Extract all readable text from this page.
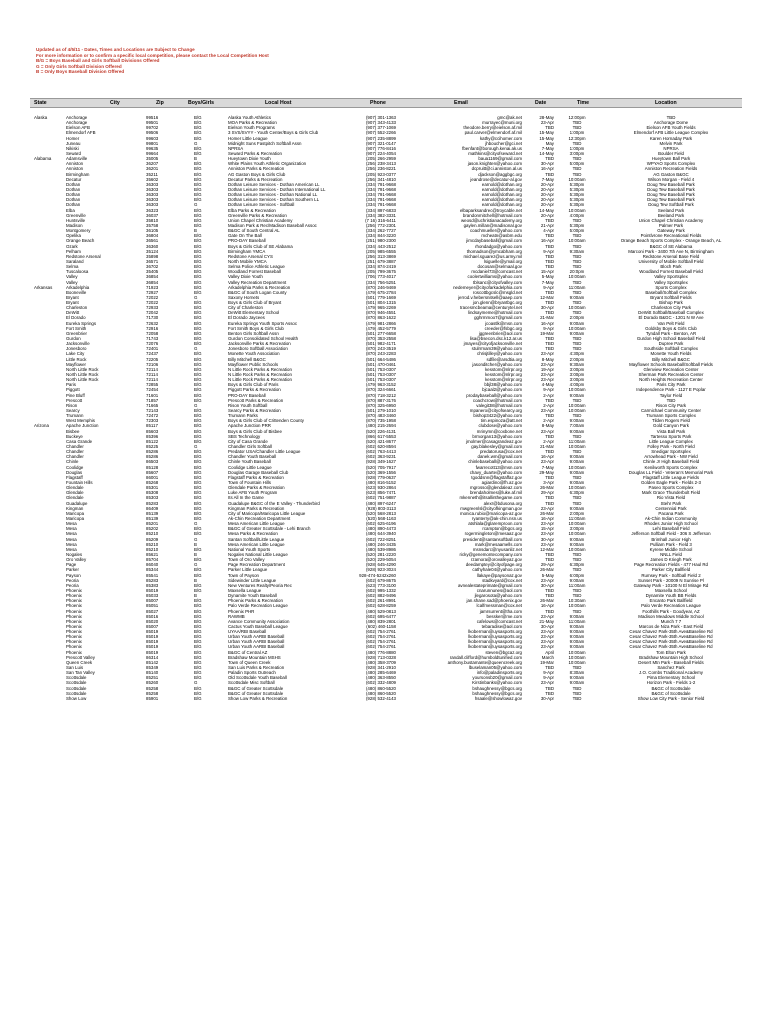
Updated as of 4/5/11 - Dates, Times and Locations are Subject to Change
For more information or to confirm a specific local competition, please contact the Local Competition Host
B/G = Boys Baseball and Girls Softball Divisions Offered
G = Only Girls Softball Division Offered
B = Only Boys Baseball Division Offered
State	City	Zip	Boys/Girls	Local Host	Phone	Email	Date	Time	Location
Alaska	Anchorage	99516	B/G	Alaska Youth Athletics	(907) 301-1363	gmc@ak.net	28-May	12:00pm	TBD
Anchorage	99501	B/G	MOA Parks & Recreation	(907) 343-4133	murrayec@muni.org	23-Apr	TBD	Anchorage Dome
Eielson AFB	99702	B/G	Eielson Youth Programs	(907) 377-1069	theodore.berry@eielson.af.mil	TBD	TBD	Eielson AFB Youth Fields
Elmendorf AFB	99506	B/G	3 SVS/SVYY - Youth Center/Boys & Girls Club	(907) 552-2266	paul.carver@elmendorf.af.mil	15-May	1:00pm	Elmendorf AFB Little League Complex
Homer	99603	B/G	Homer Little League	(907) 235-8899	kathy@ccihomer.com	15-May	12:30pm	Karen Hornaday Park
Juneau	99801	G	Midnight Suns Fastpitch Softball Assn	(907) 321-0147	jhboucher@gci.net	May	TBD	Melvin Park
Nikiski	99635	B/G	NPRSA	(907) 776-8416	fbenfant@borough.kenai.ak.us	7-May	1:00pm	NPRSA
Seward	99664	B/G	Seward Parks & Recreation	(907) 224-4054	mathkins@cityofseward.net	14-May	3:00pm	Boulder Field
Alabama	Adamsville	35005	B	Hueytown Dixie Youth	(205) 266-2959	baua1169@gmail.com	TBD	TBD	Hueytown Ball Park
Anniston	36207	B/G	White Plains Youth Athletic Organization	(256) 238-3413	jason.knighten@yahoo.com	30-Apr	5:00pm	WPYAO Sports Complex
Anniston	36201	B/G	Anniston Parks & Recreation	(256) 236-8221	dcpruitt@ci.anniston.al.us	16-Apr	TBD	Anniston Recreation Fields
Birmingham	35211	B/G	AG Gaston Boys & Girls Club	(205) 923-0377	djackson@aggbgc.org	TBD	TBD	AG Gaston B&GC
Decatur	35602	B/G	Decatur Parks & Recreation	(256) 341-4810	jeandrose@decatur-al.gov	7-May	10:00am	Wilson Morgan - Field 4
Dothan	36303	B/G	Dothan Leisure Services - Dothan American LL	(334) 791-9668	earnold@dothan.org	20-Apr	5:30pm	Doug Tew Baseball Park
Dothan	36303	B/G	Dothan Leisure Services - Dothan International LL	(334) 791-9668	earnold@dothan.org	20-Apr	5:30pm	Doug Tew Baseball Park
Dothan	36303	B/G	Dothan Leisure Services - Dothan National LL	(334) 791-9668	earnold@dothan.org	20-Apr	5:30pm	Doug Tew Baseball Park
Dothan	36303	B/G	Dothan Leisure Services - Dothan Southern LL	(334) 791-9668	earnold@dothan.org	20-Apr	5:30pm	Doug Tew Baseball Park
Dothan	36303	G	Dothan Leisure Services - Softball	(334) 791-9668	earnold@dothan.org	20-Apr	5:30pm	Doug Tew Softball Park
Elba	36323	B/G	Elba Parks & Recreation	(334) 897-6833	elbaparksandrec@troycable.net	14-May	10:00am	Seeland Park
Greenville	36037	B/G	Greenville Parks & Recreation	(334) 382-3331	brandonmitchell@hotmail.com	20-Apr	4:00pm	Beeland Park
Huntsville	35810	B/G	Union Chapel Christian Academy	(7 16) 316-6411	weosd@uchristianacademy.org	TBD	TBD	Union Chapel Christian Academy
Madison	35758	B/G	Madison Park & Rec/Madison Baseball Assoc	(256) 772-2301	gaylen.millan@madisonal.gov	21-Apr	5:30pm	Palmer Park
Montgomery	36105	B	B&GC of South Central AL	(334) 262-7727	coachmueller@yahoo.com	4-Apr	5:00pm	Gateway Park
Opelika	36804	B/G	Gate On The Ball	(334) 844-3220	mcheatn@asbm.edu	TBD	TBD	Pointlvrone Recreational Fields
Orange Beach	36561	B/G	PRO-DAY Baseball	(251) 980-2300	jimcdaybaseball@gmail.com	16-Apr	10:00am	Orange Beach Sports Complex - Orange Beach, AL
Ozark	36360	B/G	Boys & Girls Club of SE Alabama	(334) 443-2512	rhondadgo@yahoo.com	TBD	TBD	B&GC of SE Alabama
Pelham	35124	B/G	Birmingham YMCA	(205) 985-6555	thomadson@ymcabham.org	9-Apr	9:30am	Marconi Park - 3400 7th Ave N, Birmingham
Redstone Arsenal	35898	B/G	Redstone Arsenal CYS	(256) 313-3869	michael.sguarez@us.army.mil	TBD	TBD	Redstone Arsenal Base Field
Saraland	36571	B/G	North Mobile YMCA	(251) 679-3887	lsiguelle@ymail.org	TBD	TBD	University of Mobile Softball Field
Selma	36702	B/G	Selma Police Athletic League	(334) 874-2419	docosan@selmaal.gov	TBD	TBD	Bloch Park
Tuscaloosa	35405	B/G	Woodland Forrest Baseball	(205) 799-3675	mcdaniel73@comcast.net	15-Apr	20:0pm	Woodland Forrest Baseball Field
Valley	36854	B/G	Valley Dixie Youth	(706) 773-4017	coolertwilliams@yahoo.com	5-May	10:00am	Valley Sportsplex
Valley	36854	B/G	Valley Recreation Department	(334) 756-5251	tblsanc@cityofvalley.com	7-May	TBD	Valley Sportsplex
Arkansas	Arkadelphia	71923	B/G	Arkadelphia Parks & Recreation	(870) 246-9469	nedemeyer@cityofarkadelphia.com	9-Apr	11:00am	Sports Complex
Booneville	72927	B/G	B&GC of South Logan County	(479) 675-2784	roscottbgcslc@msgld.net	TBD	TBD	Baseball/Softball Complex
Bryant	72022	G	Saxony Hornets	(501) 779-1669	jerrod.v.hebersnitsell@aaep.com	12-Mar	9:00am	Bryant Softball Fields
Bryant	72022	B/G	Boys & Girls Club of Bryant	(501) 804-1315	jon.glenn@bryantbgc.org	TBD	TBD	Bishop Park
Charleston	72933	B/G	City of Charleston	(479) 965-2269	tracesmcbeama@centurytel.net	30-Apr	10:00am	Charleston City Park
DeWitt	72042	B/G	DeWitt Elementary School	(870) 946-4551	lindsaymeme@hotmail.com	TBD	TBD	DeWitt Softball/Baseball Complex
El Dorado	71730	B/G	El Dorado Jaycees	(870) 863-1622	gghrmmoo7@gmail.com	21-Mar	2:00pm	El Dorado B&GC - 1201 N W Ave
Eureka Springs	72632	B/G	Eureka Springs Youth Sports Assoc	(479) 981-2866	jcoastlk@msn.com	16-Apr	9:00am	Van Pelt Field
Fort Smith	72916	B/G	Fort Smith Boys & Girls Club	(479) 452-5779	creeder@fsbgc.org	9-Apr	10:00am	Goldsby Boys & Girls Club
Greenbrier	72058	B/G	Benton Girls Softball Assn	(501) 277-6658	jggreenbrier@aol.com	19-Mar	9:00am	Tyndall Park - Benton, AR
Gurdon	71743	B/G	Gurdon Consolidated School Health	(870) 353-2558	lisa@bsecon.dsc.k12.ar.us	TBD	TBD	Gurdon High School Baseball Field
Jacksonville	72076	B/G	Jacksonville Parks & Recreation	(501) 982-4171	jmayes@cityofjacksonville.net	TBD	TBD	Dupree Park
Jonesboro	72401	G	Jonesboro Softball Association	(870) 243-3519	stulrrmam39@yahoo.com	TBD	TBD	Southside Softball Complex
Lake City	72437	B/G	Monette Youth Association	(870) 243-2283	chrisjtilley@yahoo.com	23-Apr	4:30pm	Monette Youth Fields
Little Rock	72205	B/G	Billy Mitchell B&GC	(501) 664-5486	sdfile@arsdtia.org	8-May	2:00pm	Billy Mitchell B&GC
Mayflower	72106	B/G	Mayflower Public Schools	(501) 470-0461	jasonditcher@yahoo.com	23-Apr	9:30am	Mayflower Schools Baseball/Softball Fields
North Little Rock	72114	B/G	N Little Rock Parks & Recreation	(501) 753-0307	kesstom@nlrpr.org	19-Apr	3:00pm	Glenview Recreation Center
North Little Rock	72114	B/G	N Little Rock Parks & Recreation	(501) 753-0307	kesstom@nlrpr.org	23-Apr	3:00pm	Sherman Park Recreation Center
North Little Rock	72114	B/G	N Little Rock Parks & Recreation	(501) 753-0307	kesstom@nlrpr.org	23-Apr	3:00pm	North Heights Recreation Center
Paris	72855	B/G	Boys & Girls Club of Paris	(479) 963-3152	bbjl38@yahoo.com	4-May	4:00pm	Paris City Park
Piggott	72454	B/G	Piggott Parks & Recreation	(870) 324-6661	bjcaal2@yahoo.com	9-Apr	10:00am	Independence Park - 1127 E Poplar
Pine Bluff	71601	B/G	PRO-DAY Baseball	(870) 718-3212	prodaybaseball@yahoo.com	2-Apr	9:00am	Taylor Field
Prescott	71857	B/G	Prescott Parks & Recreation	(870) 887-3176	coachcrow@hotmail.com	TBD	TBD	TBD
Rison	71665	G	Rison Youth Softball	(870) 325-6950	valegit38@hotmail.com	2-Apr	10:00am	Rison City Park
Searcy	72143	B/G	Searcy Parks & Recreation	(501) 279-1010	mpanero@cityofsearcy.org	23-Apr	10:00am	Carmichael Community Center
Trumann	72472	B/G	Trumann Parks	(870) 483-3460	bishop3422@yahoo.com	TBD	TBD	Trumann Sports Complex
West Memphis	72303	B/G	Boys & Girls Club of Crittenden County	(870) 735-1958	tim.espinoza@att.net	2-Apr	9:00am	Tilden Rogers Field
Arizona	Apache Junction	85117	B/G	Apache Junction PRR	(480) 215-2694	clubdose@yahoo.com	8-May	7:00am	Gold Canyon Park
Bisbee	85603	B/G	Boys & Girls Club of Bisbee	(520) 226-4131	mrinymn@coxbone.net	23-Apr	9:00am	Vista Ball Park
Buckeye	85396	B/G	SBS Technology	(866) 617-5553	brmorgan13@yahoo.com	TBD	TBD	Tartesso Sports Park
Casa Grande	85122	B/G	City of Casa Grande	(520) 421-8677	jmolmer@casagrandeaz.gov	2-Apr	11:00am	Little League Complex
Chandler	85225	G	Chandler Girls Softball	(602) 620-8594	gay.blakesley@gmail.com	21-Mar	10:00am	Folley Park - North Field
Chandler	85286	B/G	Predator USA/Chandler Little League	(602) 763-4413	predatorusa@cox.net	TBD	TBD	Snedigar Sportsplex
Chandler	85286	B/G	Chandler Youth Baseball	(602) 363-9231	danek.wm@gmail.com	16-Apr	9:00am	Arrowhead Park - NW Field
Chinle	86503	B/G	Chinle Youth Baseball	(928) 349-1627	chinlebaseball@yahoo.com	23-Apr	9:00am	Chinle Jr High Baseball Field
Coolidge	85128	B/G	Coolidge Little League	(520) 705-7917	fwarrecott13@msn.com	7-May	10:00am	Kenilworth Sports Complex
Douglas	85607	B/G	Douglas Garage Baseball Club	(520) 369-1556	chavy_duarte@yahoo.com	29-May	9:00am	Douglas LL Field - Veteran's Memorial Park
Flagstaff	86001	B/G	Flagstaff Parks & Recreation	(928) 779-0637	tgoddsnn@flagstaffaz.gov	TBD	TBD	Flagstaff Little League Fields
Fountain Hills	85268	B/G	Town of Fountain Hills	(480) 816-5152	agiardino@fh.az.gov	3-Apr	9:00am	Golden Eagle Park - Fields 2-3
Glendale	85301	B/G	Glendale Parks & Recreation	(623) 930-2864	mgrosso@glendaleaz.com	26-Mar	10:00am	Paseo Sports Complex
Glendale	85308	B/G	Luke AFB Youth Program	(623) 856-7471	brendaholmes@luke.af.mil	29-Apr	6:30pm	Mark Grace Thunderbolt Field
Glendale	85303	B/G	Its All In the Game	(602) 751-9887	mkenneth@itsallinthegame.com	TBD	TBD	Rio Vista Field
Guadalupe	85283	B/G	Guadalupe B&GC of the E Valley - Thunderbird	(480) 897-6247	alexr@bdusona.org	TBD	TBD	Stehr Park
Kingman	86409	B/G	Kingman Parks & Recreation	(928) 803-3113	mwgreenlsl@cityofkingman.gov	23-Apr	9:00am	Centennial Park
Maricopa	85139	B/G	City of Maricopa/Maricopa Little League	(520) 568-2813	monica.rubio@maricopa-az.gov	26-Mar	2:00pm	Pacana Park
Maricopa	85139	B/G	Ak-Chin Recreation Department	(520) 568-1163	ryanterry@ak-chin.nsn.us	16-Apr	11:00am	Ak-Chin Indian Community
Mesa	85201	G	Mesa American Little League	(602) 625-6196	atshlala@glaremproon.com	23-Apr	10:00am	Rhodes Junior High School
Mesa	85202	B/G	B&GC of Greater Scottsdale - Lehi Branch	(480) 890-4473	rcampton@bgcs.org	15-Apr	3:00pm	Lehi Baseball Field
Mesa	85210	B/G	Mesa Parks & Recreation	(480) 644-3940	rogermingleton@mesaaz.gov	23-Apr	10:00am	Jefferson Softball Field - 306 S Jefferson
Mesa	85209	G	Santan Softball/Little League	(602) 722-8251	president@santansoftball.com	30-Apr	9:00am	Brimhall Junior High
Mesa	85210	B	Mesa American Little League	(480) 246-3435	mark@mesaamells.com	23-Apr	9:00am	Pulliam Park - Field 3
Mesa	85210	B/G	National Youth Sports	(480) 539-8986	msnsdarc@nyusanliz.net	12-Mar	10:00am	Kyrene Middle School
Nogales	85621	B	Nogales National Little League	(520) 281-2220	ricky@genemontecompany.com	TBD	TBD	NNLL Field
Oro Valley	85704	B/G	Town of Oro Valley	(520) 229-5054	rzamora@orovalleyaz.gov	TBD	TBD	James D Kriegh Park
Page	86040	G	Page Recreation Department	(928) 645-4290	deedamptey@cityofpage.org	29-Apr	6:30pm	Page Recreation Fields - 477 Haul Rd
Parker	85344	B/G	Parker Little League	(928) 923-3024	cathyhale04@yahoo.com	26-Mar	TBD	Parker City Ballfield
Payson	85541	B/G	Town of Payson	928-474-5242x260	llakaye@paysonaz.gov	5-May	6:00pm	Rumsey Park - Softball Field 2
Peoria	85283	B	Sidewinder Little League	(602) 679-8675	stadkvyard@cox.net	23-Apr	9:00am	Sunset Park - 20009 N Sunrise Pl
Peoria	85383	B/G	New Ventures Realty/Peoria Rec	(623) 773-3100	avnealestateprimate@gmail.com	30-Apr	11:00am	Gateway Park - 10100 N El Mirage Rd
Phoenix	85019	B/G	Maxsella League	(602) 995-1332	cnarunnunes@aol.com	TBD	TBD	Maxsella School
Phoenix	85033	B	Dynamite Youth Baseball	(602) 882-9496	jlegarosota@yahoo.com	TBD	TBD	Dynamite Youth BB Fields
Phoenix	85007	B/G	Phoenix Parks & Recreation	(602) 261-8991	jan.shane.sad@phoenix.gov	26-Mar	10:30am	Encanto Park Ballfield
Phoenix	85051	B/G	Palo Verde Recreation League	(602) 628-8259	lcalfmessman@cox.net	16-Apr	10:00am	Palo Verde Recreation League
Phoenix	85027	B/G	Phoenix PHR	(480) 529-0813	jamrsurrent@tha.com	TBD	TBD	Foothills Park - Goodyear, AZ
Phoenix	85016	B/G	RAWMB	(602) 695-6477	bessker@me.com	23-Apr	9:00am	Madison Meadows Middle School
Phoenix	85020	B/G	Avance Community Association	(480) 839-2801	cafelows@comcast.net	21-May	11:00am	Munch 7 7
Phoenix	85007	B/G	Cactus Youth Baseball League	(602) 460-1158	tebaradise@aol.com	30-Apr	9:00am	Marcos de Niza Park - East Field
Phoenix	85019	B/G	UYAA/RBI Baseball	(602) 754-2761	lkoberman@uysasports.org	23-Apr	9:00am	Cesar Chavez Park-35th Ave&Baseline Rd
Phoenix	85019	B/G	Urban Youth AARBI Baseball	(602) 754-2761	lkoberman@uysasports.org	23-Apr	9:00am	Cesar Chavez Park-35th Ave&Baseline Rd
Phoenix	85019	B/G	Urban Youth AARBI Baseball	(602) 754-2761	lkoberman@uysasports.org	23-Apr	9:00am	Cesar Chavez Park-35th Ave&Baseline Rd
Phoenix	85019	B/G	Urban Youth AARBI Baseball	(602) 754-2761	lkoberman@uysasports.org	23-Apr	9:00am	Cesar Chavez Park-35th Ave&Baseline Rd
Phoenix	85019	B/G	B&GC of Central AZ	(480) 776-8880	steven@bgcaz.org	April	10:00am	Tom Elton Park
Prescott Valley	86314	B/G	Bradshaw Mountain MSHS	(928) 713-0328	randall.clifford@humboldtunified.com	March	10:00am	Bradshaw Mountain High School
Queen Creek	85142	B/G	Town of Queen Creek	(480) 358-3709	anthony.bustamante@queencreek.org	19-Mar	10:00am	Desert Mtn Park - Baseball Fields
San Luis	85349	B/G	San Luis Parks & Recreation	(928) 341-2910	lbuselaman05@yahoo.com	TBD	TBD	Sanchez Park
San Tan Valley	85140	B/G	Paladin Sports Outreach	(480) 285-6469	info@paladinsports.org	9-Apr	8:30am	J.O. Combs Traditional Academy
Scottsdale	85251	B/G	Old Scottsdale Youth Baseball	(480) 363-8550	yoursonsb20@gmail.com	9-Apr	9:00am	Pima Elementary School
Scottsdale	85260	G	Scottsdale Misc Softball	(602) 332-4809	Kirstinbanks@yahoo.com	23-Apr	9:00am	Horizon Park - Fields 1-2
Scottsdale	85258	B/G	B&GC of Greater Scottsdale	(480) 860-5520	bshaughnessy@bgcs.org	TBD	TBD	B&GC of Scottsdale
Scottsdale	85258	B/G	B&GC of Greater Scottsdale	(480) 860-5520	bshaughnessy@bgcs.org	TBD	TBD	B&GC of Scottsdale
Show Low	85901	B/G	Show Low Parks & Recreation	(928) 532-4143	hsaale@showlowaz.gov	30-Apr	TBD	Show Low City Park - Senior Field
